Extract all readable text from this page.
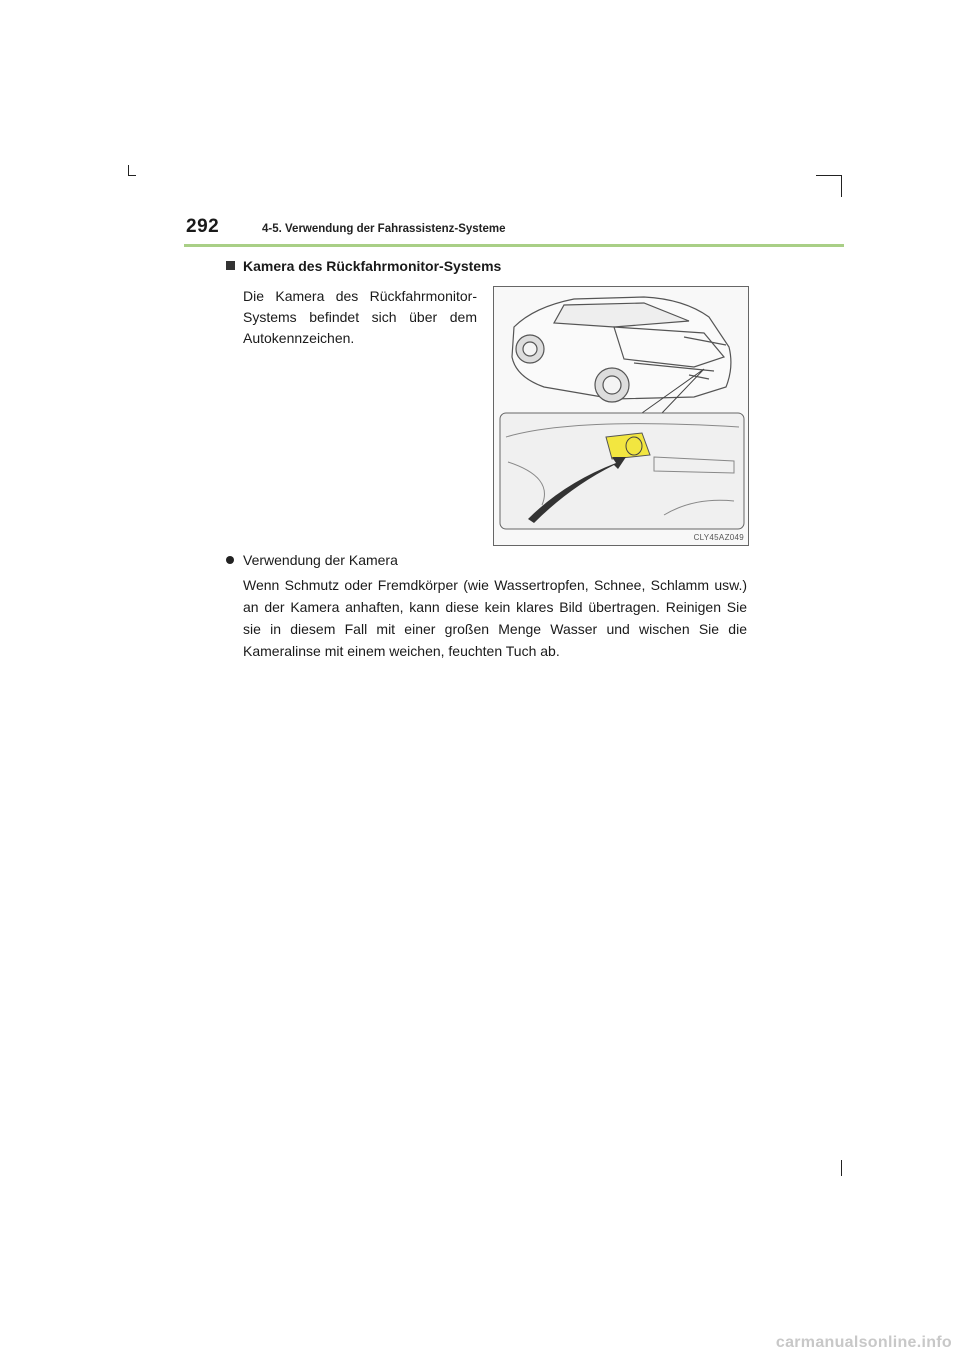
292	4-5. Verwendung der Fahrassistenz-Systeme
Kamera des Rückfahrmonitor-Systems
Die Kamera des Rückfahrmonitor-Systems befindet sich über dem Autokennzeichen.
CLY45AZ049
Verwendung der Kamera
Wenn Schmutz oder Fremdkörper (wie Wassertropfen, Schnee, Schlamm usw.) an der Kamera anhaften, kann diese kein klares Bild übertragen. Reinigen Sie sie in diesem Fall mit einer großen Menge Wasser und wischen Sie die Kameralinse mit einem weichen, feuchten Tuch ab.
carmanualsonline.info
